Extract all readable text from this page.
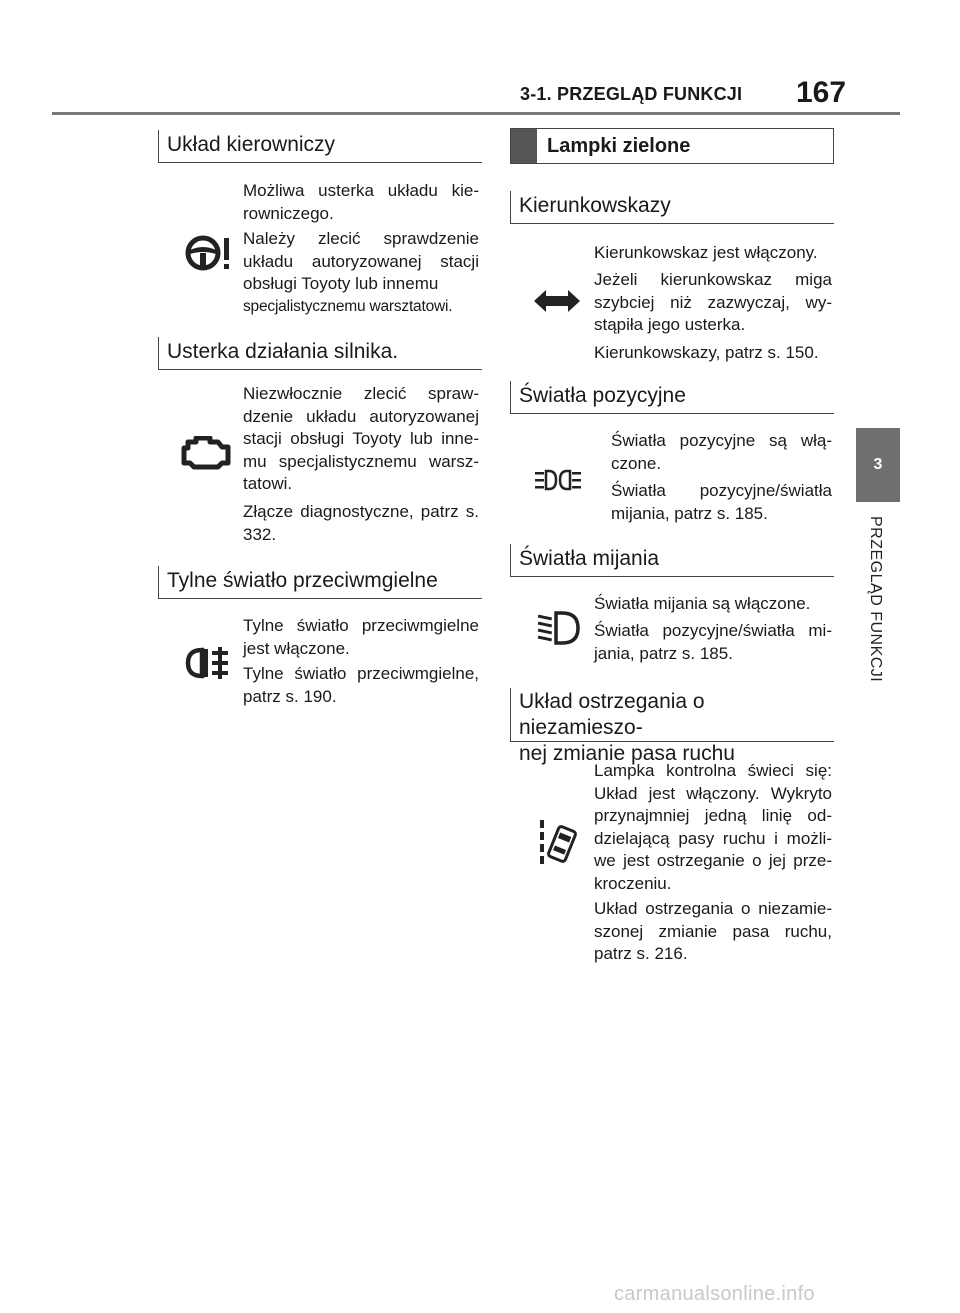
3-1. PRZEGLĄD FUNKCJI 167
3
PRZEGLĄD FUNKCJI
Układ kierowniczy

Możliwa usterka układu kie-rowniczego.

Należy zlecić sprawdzenie układu autoryzowanej stacji obsługi Toyoty lub innemu

specjalistycznemu warsztatowi.

Usterka działania silnika.

Niezwłocznie zlecić spraw-dzenie układu autoryzowanej stacji obsługi Toyoty lub inne-mu specjalistycznemu warsz-tatowi.

Złącze diagnostyczne, patrz s. 332.

Tylne światło przeciwmgielne

Tylne światło przeciwmgielne jest włączone.

Tylne światło przeciwmgielne, patrz s. 190.

Lampki zielone
Kierunkowskazy

Kierunkowskaz jest włączony.

Jeżeli kierunkowskaz miga szybciej niż zazwyczaj, wy-stąpiła jego usterka.

Kierunkowskazy, patrz s. 150.

Światła pozycyjne

Światła pozycyjne są włą-czone.

Światła pozycyjne/światła mijania, patrz s. 185.

Światła mijania

Światła mijania są włączone.

Światła pozycyjne/światła mi-jania, patrz s. 185.

Układ ostrzegania o niezamieszo-
nej zmianie pasa ruchu

Lampka kontrolna świeci się: Układ jest włączony. Wykryto przynajmniej jedną linię od-dzielającą pasy ruchu i możli-we jest ostrzeganie o jej prze-kroczeniu.

Układ ostrzegania o niezamie-szonej zmianie pasa ruchu, patrz s. 216.

carmanualsonline.info
